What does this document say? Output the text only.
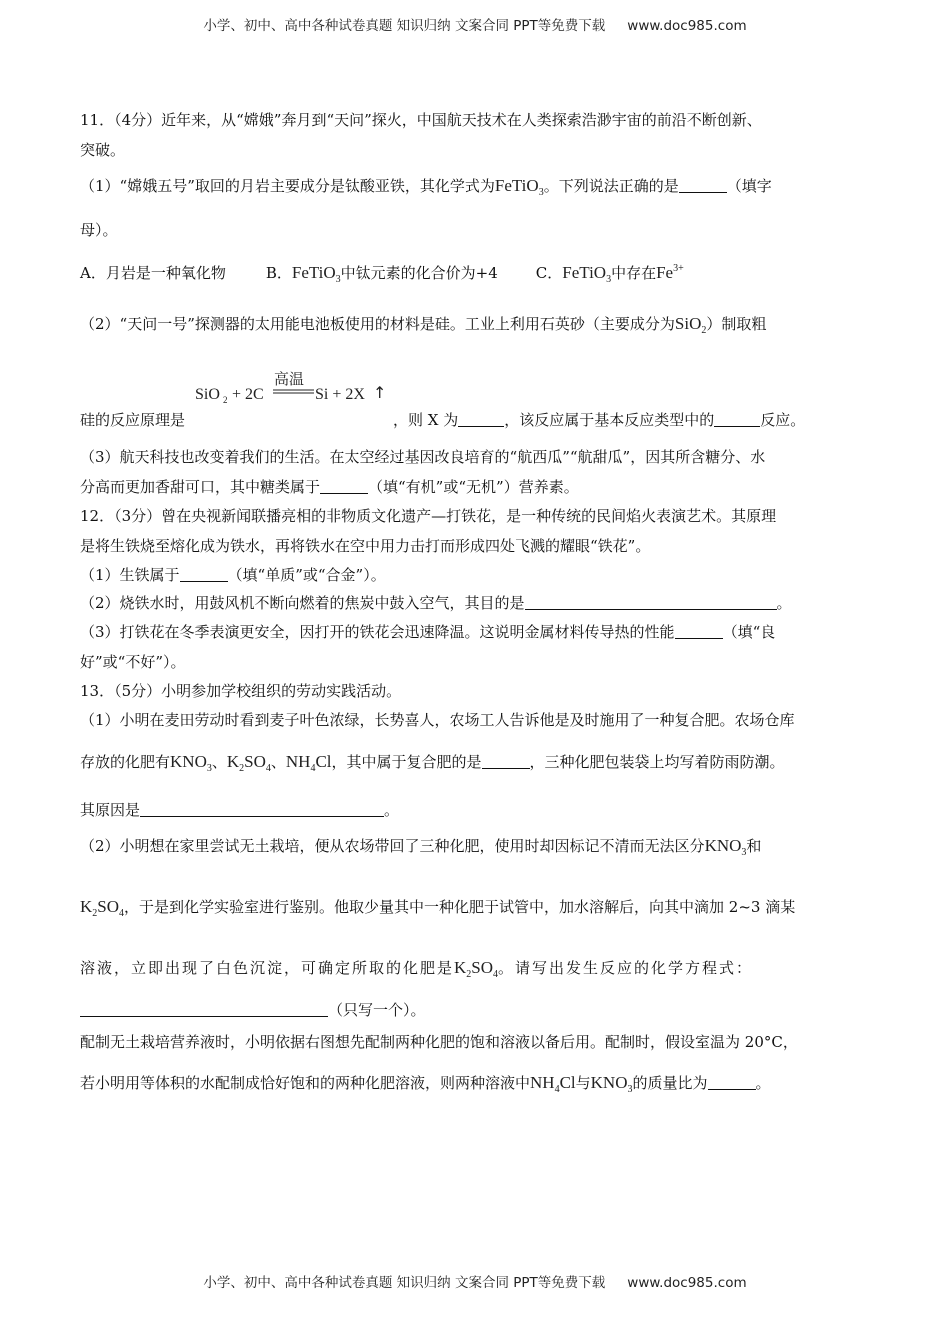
小学、初中、高中各种试卷真题 知识归纳 文案合同 PPT等免费下载 www.doc985.com
11．（4分）近年来，从“嫦娥”奔月到“天问”探火，中国航天技术在人类探索浩渺宇宙的前沿不断创新、
突破。
（1）“嫦娥五号”取回的月岩主要成分是钛酸亚铁，其化学式为FeTiO$_3$。下列说法正确的是	（填字
母）。
A．月岩是一种氧化物	B．FeTiO$_3$中钛元素的化合价为+4	C．FeTiO$_3$中存在$Fe^{3+}$
（2）“天问一号”探测器的太用能电池板使用的材料是硅。工业上利用石英砂（主要成分为SiO$_2$）制取粗
SiO 2 + 2C
高温
Si + 2X ↑
硅的反应原理是	，则 X 为	，该反应属于基本反应类型中的	反应。
（3）航天科技也改变着我们的生活。在太空经过基因改良培育的“航西瓜”“航甜瓜”，因其所含糖分、水
分高而更加香甜可口，其中糖类属于	（填“有机”或“无机”）营养素。
12．（3分）曾在央视新闻联播亮相的非物质文化遗产—打铁花，是一种传统的民间焰火表演艺术。其原理
是将生铁烧至熔化成为铁水，再将铁水在空中用力击打而形成四处飞溅的耀眼“铁花”。
（1）生铁属于	（填“单质”或“合金”）。
（2）烧铁水时，用鼓风机不断向燃着的焦炭中鼓入空气，其目的是	。
（3）打铁花在冬季表演更安全，因打开的铁花会迅速降温。这说明金属材料传导热的性能	（填“良
好”或“不好”）。
13．（5分）小明参加学校组织的劳动实践活动。
（1）小明在麦田劳动时看到麦子叶色浓绿，长势喜人，农场工人告诉他是及时施用了一种复合肥。农场仓库
存放的化肥有$KNO_3$、$K_2SO_4$、$NH_4Cl$，其中属于复合肥的是	，三种化肥包装袋上均写着防雨防潮。
其原因是	。
（2）小明想在家里尝试无土栽培，便从农场带回了三种化肥，使用时却因标记不清而无法区分$KNO_3$和
$K_2SO_4$，于是到化学实验室进行鉴别。他取少量其中一种化肥于试管中，加水溶解后，向其中滴加 2~3 滴某
溶液，立即出现了白色沉淀，可确定所取的化肥是$K_2SO_4$。请写出发生反应的化学方程式：
（只写一个）。
配制无土栽培营养液时，小明依据右图想先配制两种化肥的饱和溶液以备后用。配制时，假设室温为 20°C，
若小明用等体积的水配制成恰好饱和的两种化肥溶液，则两种溶液中$NH_4Cl$与$KNO_3$的质量比为	。
小学、初中、高中各种试卷真题 知识归纳 文案合同 PPT等免费下载 www.doc985.com
